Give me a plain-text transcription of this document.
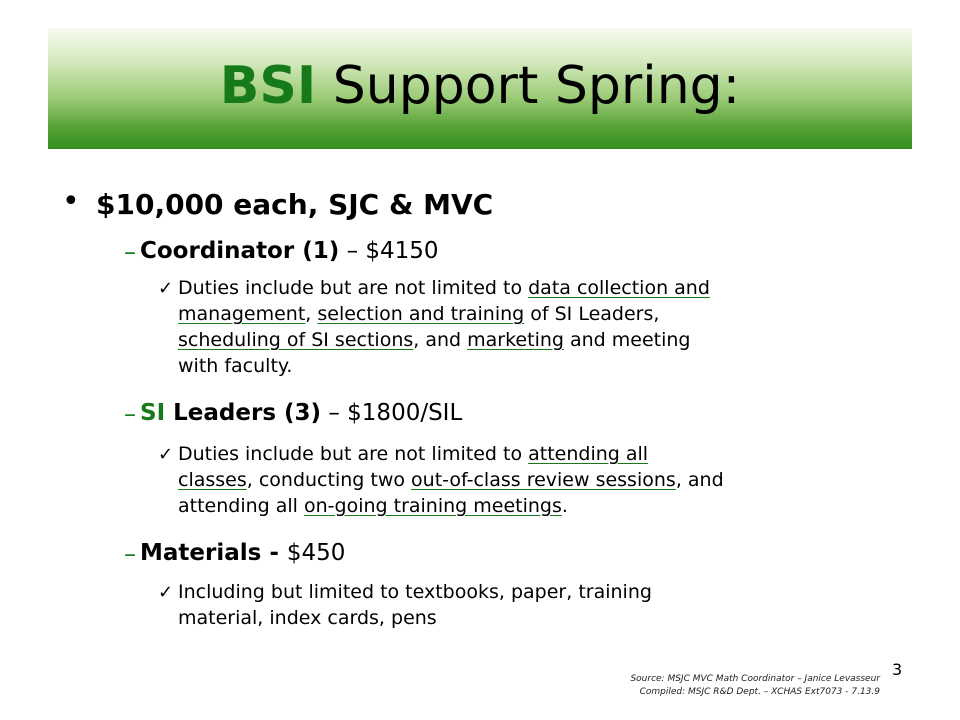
BSI Support Spring:
• $10,000 each, SJC & MVC
– Coordinator (1) – $4150
✓ Duties include but are not limited to data collection and
management, selection and training of SI Leaders,
scheduling of SI sections, and marketing and meeting
with faculty.
– SI Leaders (3) – $1800/SIL
✓ Duties include but are not limited to attending all
classes, conducting two out-of-class review sessions, and
attending all on-going training meetings.
– Materials - $450
✓ Including but limited to textbooks, paper, training
material, index cards, pens
Source: MSJC MVC Math Coordinator – Janice Levasseur
Compiled: MSJC R&D Dept. – XCHAS Ext7073 - 7.13.9
3
